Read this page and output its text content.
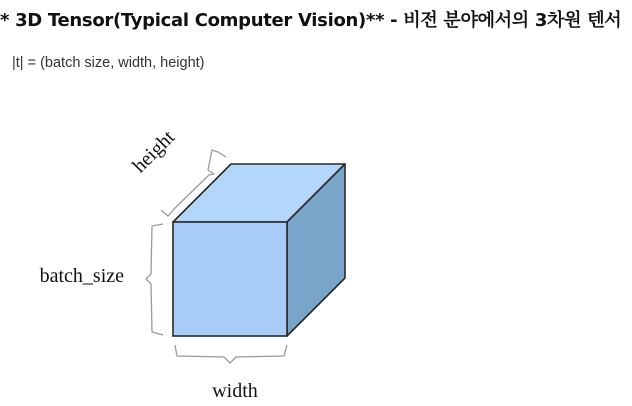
* 3D Tensor(Typical Computer Vision)** - 비전 분야에서의 3차원 텐서
|t| = (batch size, width, height)
height
batch_size
width
